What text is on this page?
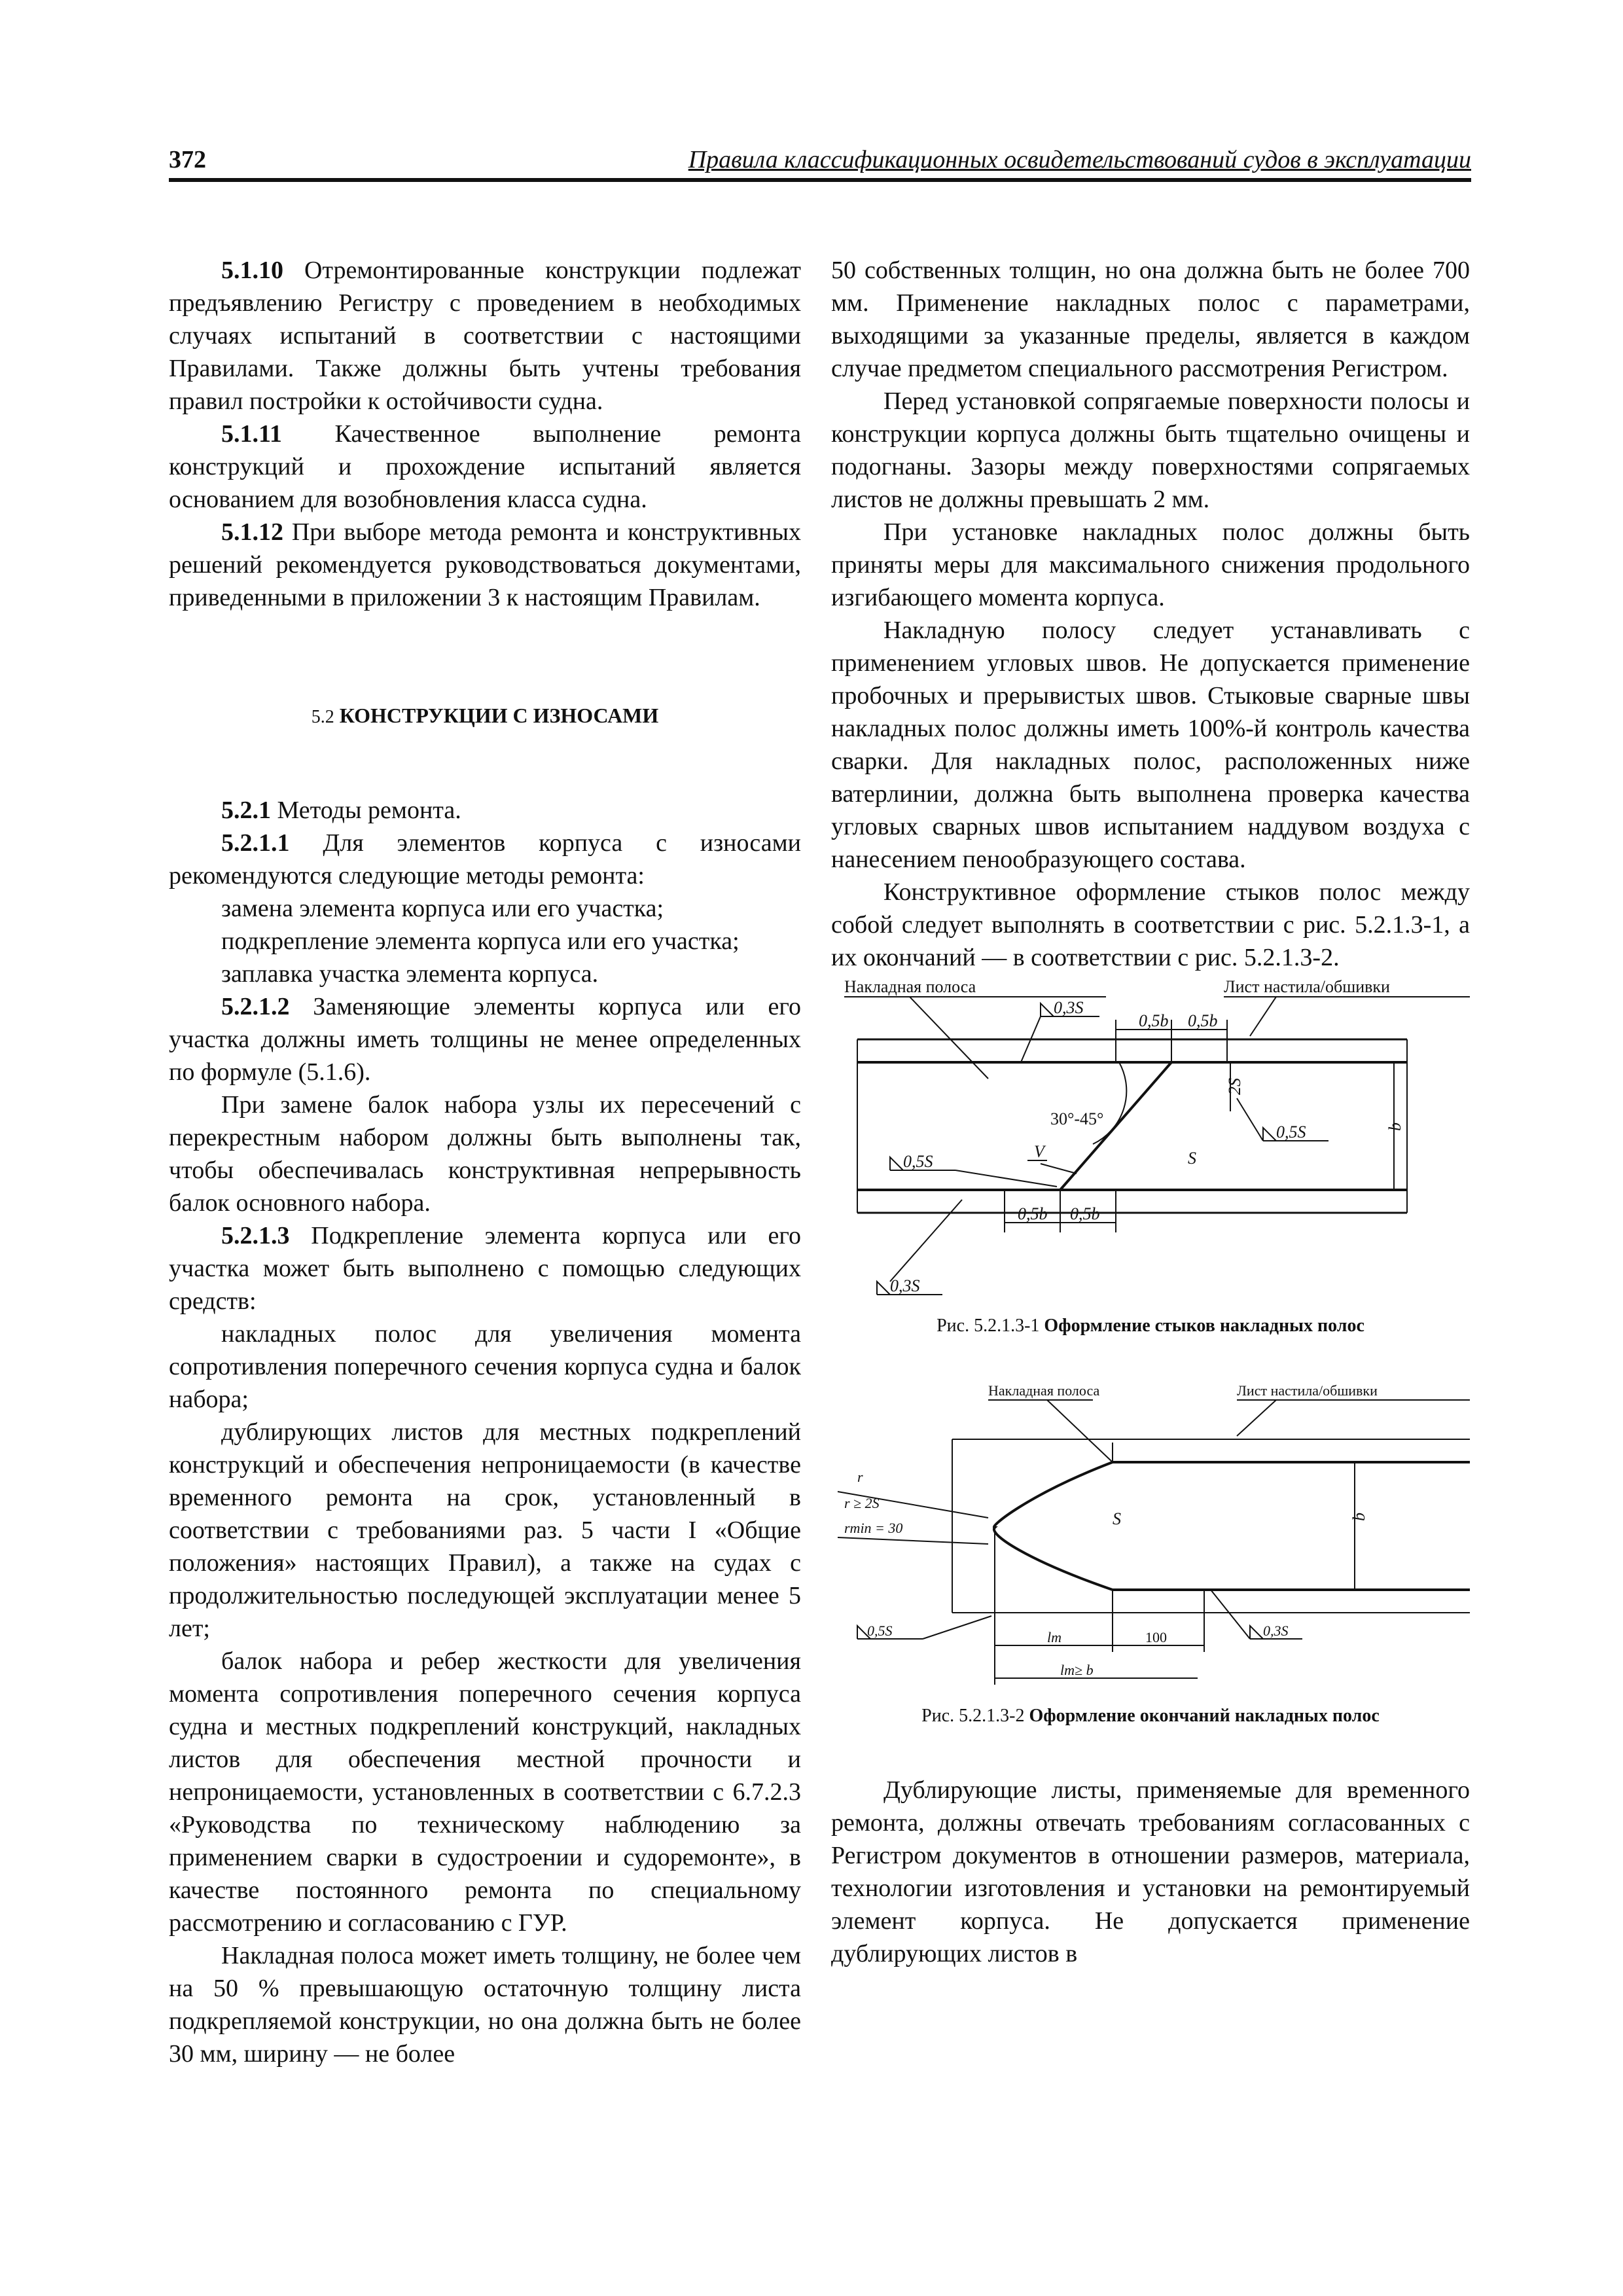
372	Правила классификационных освидетельствований судов в эксплуатации

5.1.10 Отремонтированные конструкции подлежат предъявлению Регистру с проведением в необходимых случаях испытаний в соответствии с настоящими Правилами. Также должны быть учтены требования правил постройки к остойчивости судна.

5.1.11 Качественное выполнение ремонта конструкций и прохождение испытаний является основанием для возобновления класса судна.

5.1.12 При выборе метода ремонта и конструктивных решений рекомендуется руководствоваться документами, приведенными в приложении 3 к настоящим Правилам.

5.2 КОНСТРУКЦИИ С ИЗНОСАМИ

5.2.1 Методы ремонта.

5.2.1.1 Для элементов корпуса с износами рекомендуются следующие методы ремонта:

замена элемента корпуса или его участка;

подкрепление элемента корпуса или его участка;

заплавка участка элемента корпуса.

5.2.1.2 Заменяющие элементы корпуса или его участка должны иметь толщины не менее определенных по формуле (5.1.6).

При замене балок набора узлы их пересечений с перекрестным набором должны быть выполнены так, чтобы обеспечивалась конструктивная непрерывность балок основного набора.

5.2.1.3 Подкрепление элемента корпуса или его участка может быть выполнено с помощью следующих средств:

накладных полос для увеличения момента сопротивления поперечного сечения корпуса судна и балок набора;

дублирующих листов для местных подкреплений конструкций и обеспечения непроницаемости (в качестве временного ремонта на срок, установленный в соответствии с требованиями раз. 5 части I «Общие положения» настоящих Правил), а также на судах с продолжительностью последующей эксплуатации менее 5 лет;

балок набора и ребер жесткости для увеличения момента сопротивления поперечного сечения корпуса судна и местных подкреплений конструкций, накладных листов для обеспечения местной прочности и непроницаемости, установленных в соответствии с 6.7.2.3 «Руководства по техническому наблюдению за применением сварки в судостроении и судоремонте», в качестве постоянного ремонта по специальному рассмотрению и согласованию с ГУР.

Накладная полоса может иметь толщину, не более чем на 50 % превышающую остаточную толщину листа подкрепляемой конструкции, но она должна быть не более 30 мм, ширину — не более

50 собственных толщин, но она должна быть не более 700 мм. Применение накладных полос с параметрами, выходящими за указанные пределы, является в каждом случае предметом специального рассмотрения Регистром.

Перед установкой сопрягаемые поверхности полосы и конструкции корпуса должны быть тщательно очищены и подогнаны. Зазоры между поверхностями сопрягаемых листов не должны превышать 2 мм.

При установке накладных полос должны быть приняты меры для максимального снижения продольного изгибающего момента корпуса.

Накладную полосу следует устанавливать с применением угловых швов. Не допускается применение пробочных и прерывистых швов. Стыковые сварные швы накладных полос должны иметь 100%-й контроль качества сварки. Для накладных полос, расположенных ниже ватерлинии, должна быть выполнена проверка качества угловых сварных швов испытанием наддувом воздуха с нанесением пенообразующего состава.

Конструктивное оформление стыков полос между собой следует выполнять в соответствии с рис. 5.2.1.3-1, а их окончаний — в соответствии с рис. 5.2.1.3-2.

Накладная полоса	Лист настила/обшивки
0,3S
0,5b 0,5b
30°-45°
2S
0,5S	b
V	S
0,5S
0,5b 0,5b
0,3S
Рис. 5.2.1.3-1 Оформление стыков накладных полос
Накладная полоса	Лист настила/обшивки
r
r ≥ 2S
rmin = 30	S	b
0,5S	lm	100	0,3S
lm≥ b
Рис. 5.2.1.3-2 Оформление окончаний накладных полос

Дублирующие листы, применяемые для временного ремонта, должны отвечать требованиям согласованных с Регистром документов в отношении размеров, материала, технологии изготовления и установки на ремонтируемый элемент корпуса. Не допускается применение дублирующих листов в
